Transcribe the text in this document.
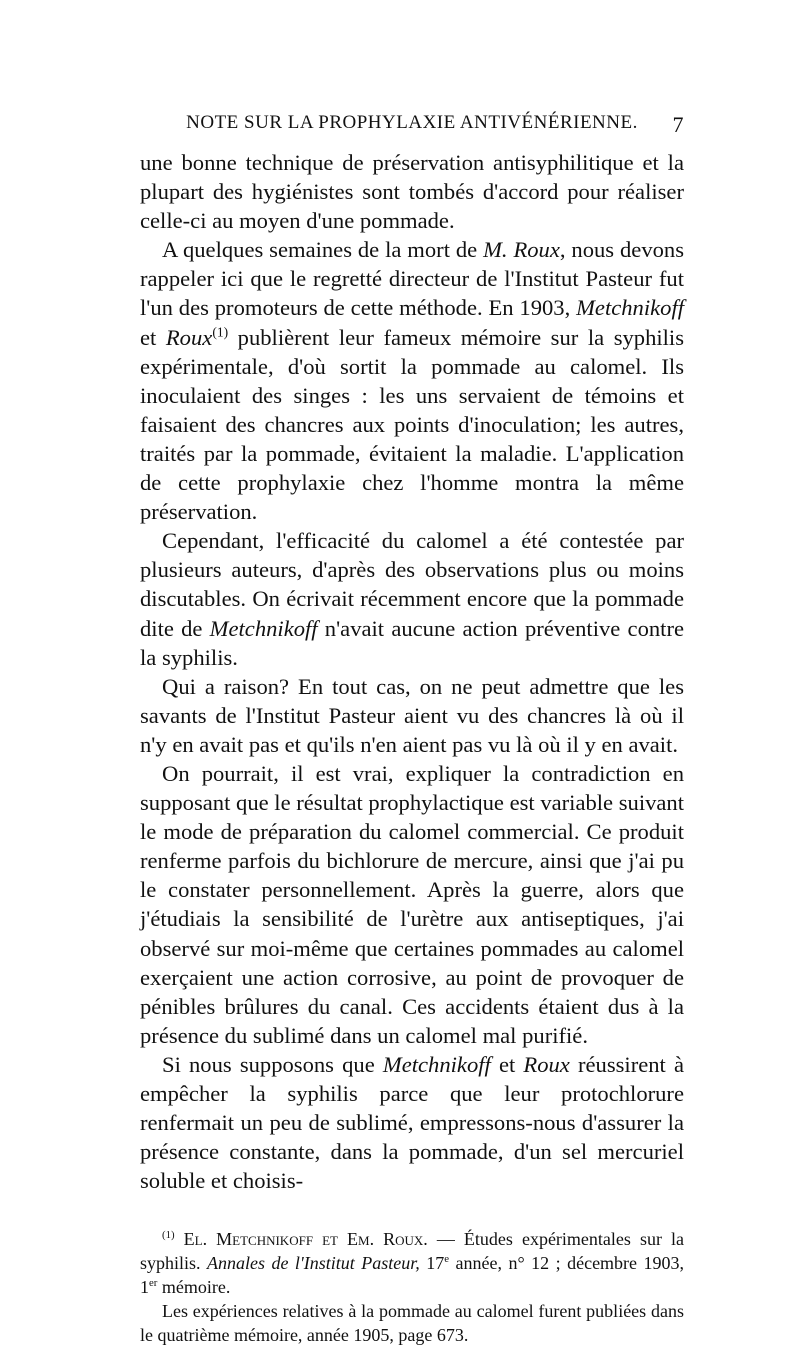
NOTE SUR LA PROPHYLAXIE ANTIVÉNÉRIENNE. 7

une bonne technique de préservation antisyphilitique et la plupart des hygiénistes sont tombés d'accord pour réaliser celle-ci au moyen d'une pommade.

A quelques semaines de la mort de M. Roux, nous devons rappeler ici que le regretté directeur de l'Institut Pasteur fut l'un des promoteurs de cette méthode. En 1903, Metchnikoff et Roux$^{(1)}$ publièrent leur fameux mémoire sur la syphilis expérimentale, d'où sortit la pommade au calomel. Ils inoculaient des singes : les uns servaient de témoins et faisaient des chancres aux points d'inoculation; les autres, traités par la pommade, évitaient la maladie. L'application de cette prophylaxie chez l'homme montra la même préservation.

Cependant, l'efficacité du calomel a été contestée par plusieurs auteurs, d'après des observations plus ou moins discutables. On écrivait récemment encore que la pommade dite de Metchnikoff n'avait aucune action préventive contre la syphilis.

Qui a raison? En tout cas, on ne peut admettre que les savants de l'Institut Pasteur aient vu des chancres là où il n'y en avait pas et qu'ils n'en aient pas vu là où il y en avait.

On pourrait, il est vrai, expliquer la contradiction en supposant que le résultat prophylactique est variable suivant le mode de préparation du calomel commercial. Ce produit renferme parfois du bichlorure de mercure, ainsi que j'ai pu le constater personnellement. Après la guerre, alors que j'étudiais la sensibilité de l'urètre aux antiseptiques, j'ai observé sur moi-même que certaines pommades au calomel exerçaient une action corrosive, au point de provoquer de pénibles brûlures du canal. Ces accidents étaient dus à la présence du sublimé dans un calomel mal purifié.

Si nous supposons que Metchnikoff et Roux réussirent à empêcher la syphilis parce que leur protochlorure renfermait un peu de sublimé, empressons-nous d'assurer la présence constante, dans la pommade, d'un sel mercuriel soluble et choisis-

$^{(1)}$ El. Metchnikoff et Em. Roux. — Études expérimentales sur la syphilis. Annales de l'Institut Pasteur, 17e année, n° 12 ; décembre 1903, 1er mémoire.

Les expériences relatives à la pommade au calomel furent publiées dans le quatrième mémoire, année 1905, page 673.
